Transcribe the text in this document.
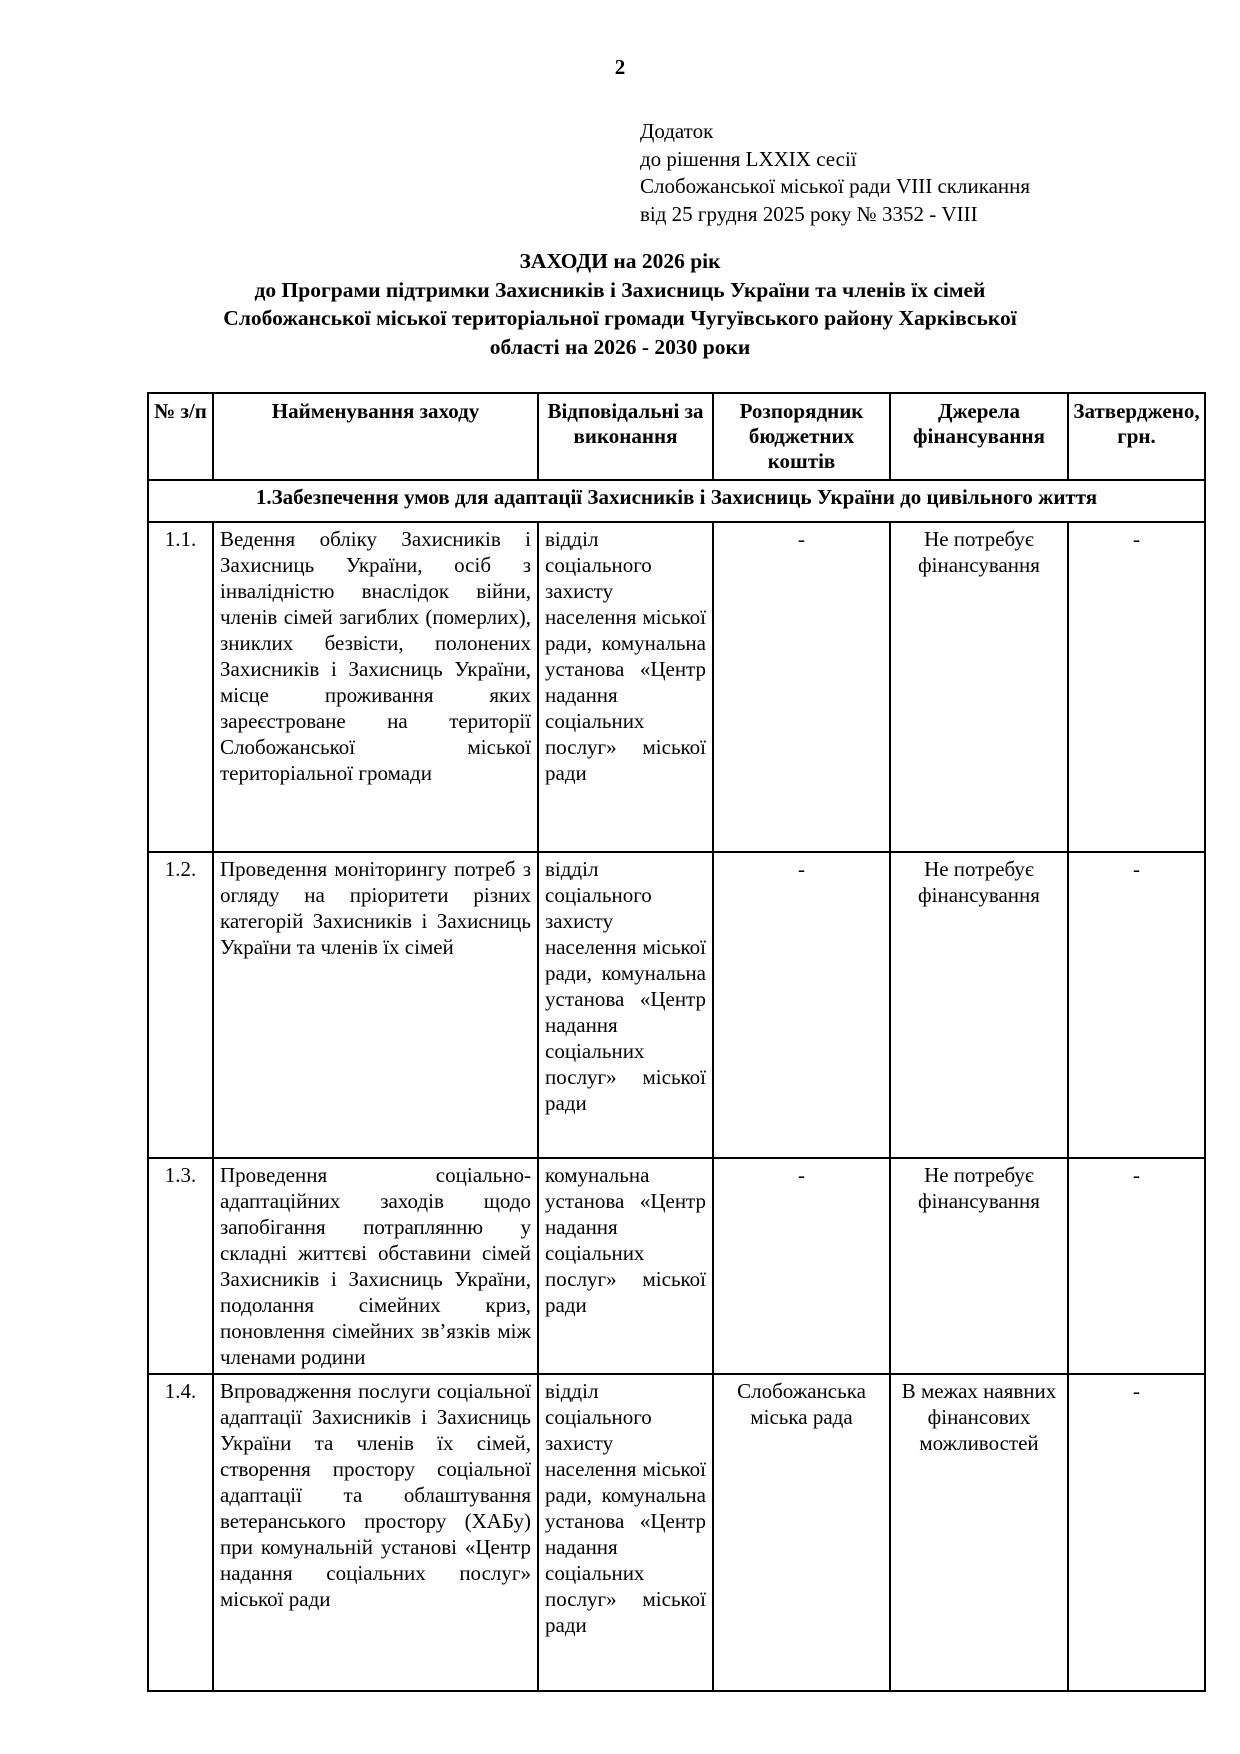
2
Додаток
до рішення LXXIX сесії
Слобожанської міської ради VIII скликання
від 25 грудня 2025 року № 3352 - VIII
ЗАХОДИ на 2026 рік
до Програми підтримки Захисників і Захисниць України та членів їх сімей
Слобожанської міської територіальної громади Чугуївського району Харківської
області на 2026 - 2030 роки
№ з/п	Найменування заходу	Відповідальні за виконання	Розпорядник бюджетних коштів	Джерела фінансування	Затверджено, грн.
1.Забезпечення умов для адаптації Захисників і Захисниць України до цивільного життя					
1.1.	Ведення обліку Захисників і Захисниць України, осіб з інвалідністю внаслідок війни, членів сімей загиблих (померлих), зниклих безвісти, полонених Захисників і Захисниць України, місце проживання яких зареєстроване на території Слобожанської міської територіальної громади	відділ соціального захисту населення міської ради, комунальна установа «Центр надання соціальних послуг» міської ради	-	Не потребує фінансування	-
1.2.	Проведення моніторингу потреб з огляду на пріоритети різних категорій Захисників і Захисниць України та членів їх сімей	відділ соціального захисту населення міської ради, комунальна установа «Центр надання соціальних послуг» міської ради	-	Не потребує фінансування	-
1.3.	Проведення соціально-адаптаційних заходів щодо запобігання потраплянню у складні життєві обставини сімей Захисників і Захисниць України, подолання сімейних криз, поновлення сімейних зв’язків між членами родини	комунальна установа «Центр надання соціальних послуг» міської ради	-	Не потребує фінансування	-
1.4.	Впровадження послуги соціальної адаптації Захисників і Захисниць України та членів їх сімей, створення простору соціальної адаптації та облаштування ветеранського простору (ХАБу) при комунальній установі «Центр надання соціальних послуг» міської ради	відділ соціального захисту населення міської ради, комунальна установа «Центр надання соціальних послуг» міської ради	Слобожанська міська рада	В межах наявних фінансових можливостей	-
